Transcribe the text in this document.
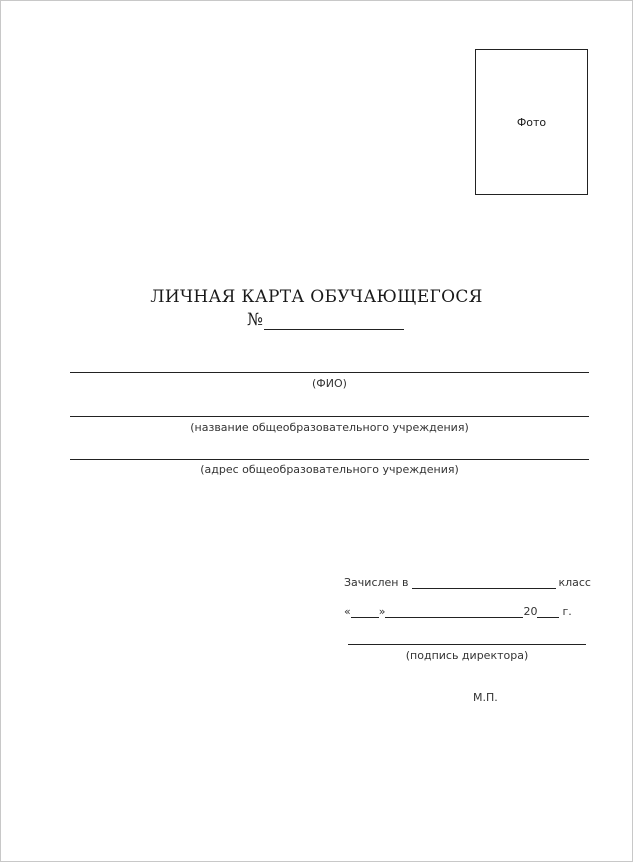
Фото
ЛИЧНАЯ КАРТА ОБУЧАЮЩЕГОСЯ
№
(ФИО)
(название общеобразовательного учреждения)
(адрес общеобразовательного учреждения)
Зачислен в	класс
«	»	20 г.
(подпись директора)
М.П.
